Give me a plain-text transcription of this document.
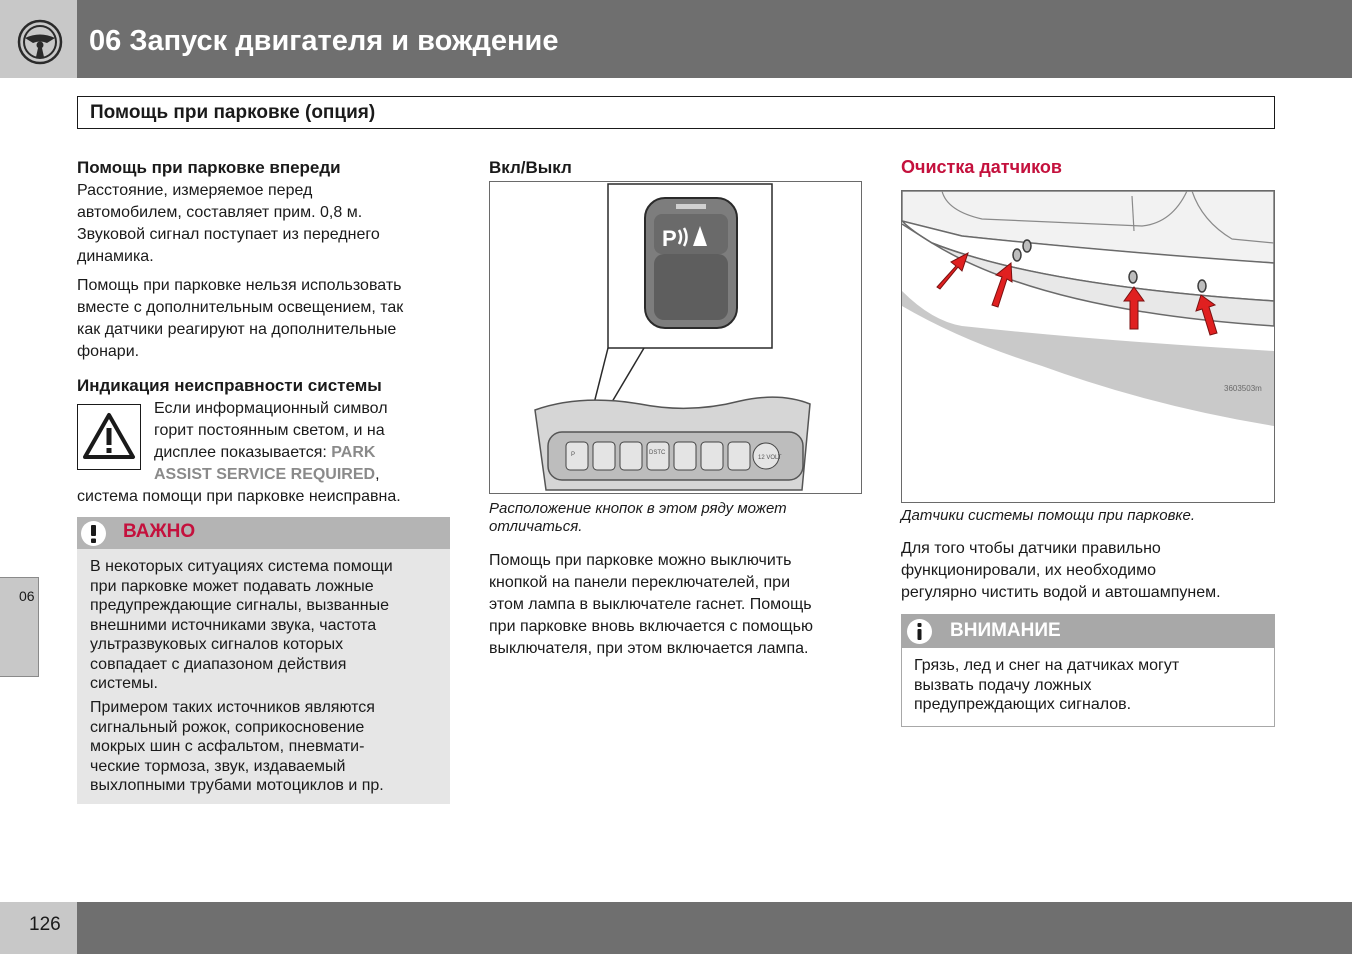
06 Запуск двигателя и вождение
Помощь при парковке (опция)
06
Помощь при парковке впереди
Расстояние, измеряемое перед
автомобилем, составляет прим. 0,8 м.
Звуковой сигнал поступает из переднего
динамика.
Помощь при парковке нельзя использовать
вместе с дополнительным освещением, так
как датчики реагируют на дополнительные
фонари.
Индикация неисправности системы
Если информационный символ
горит постоянным светом, и на
дисплее показывается: PARK
ASSIST SERVICE REQUIRED,
система помощи при парковке неисправна.
ВАЖНО
В некоторых ситуациях система помощи
при парковке может подавать ложные
предупреждающие сигналы, вызванные
внешними источниками звука, частота
ультразвуковых сигналов которых
совпадает с диапазоном действия
системы.
Примером таких источников являются
сигнальный рожок, соприкосновение
мокрых шин с асфальтом, пневмати-
ческие тормоза, звук, издаваемый
выхлопными трубами мотоциклов и пр.
Вкл/Выкл
P
P	DSTC
12 VOLT
Расположение кнопок в этом ряду может
отличаться.
Помощь при парковке можно выключить
кнопкой на панели переключателей, при
этом лампа в выключателе гаснет. Помощь
при парковке вновь включается с помощью
выключателя, при этом включается лампа.
Очистка датчиков
3603503m
Датчики системы помощи при парковке.
Для того чтобы датчики правильно
функционировали, их необходимо
регулярно чистить водой и автошампунем.
ВНИМАНИЕ
Грязь, лед и снег на датчиках могут
вызвать подачу ложных
предупреждающих сигналов.
126
